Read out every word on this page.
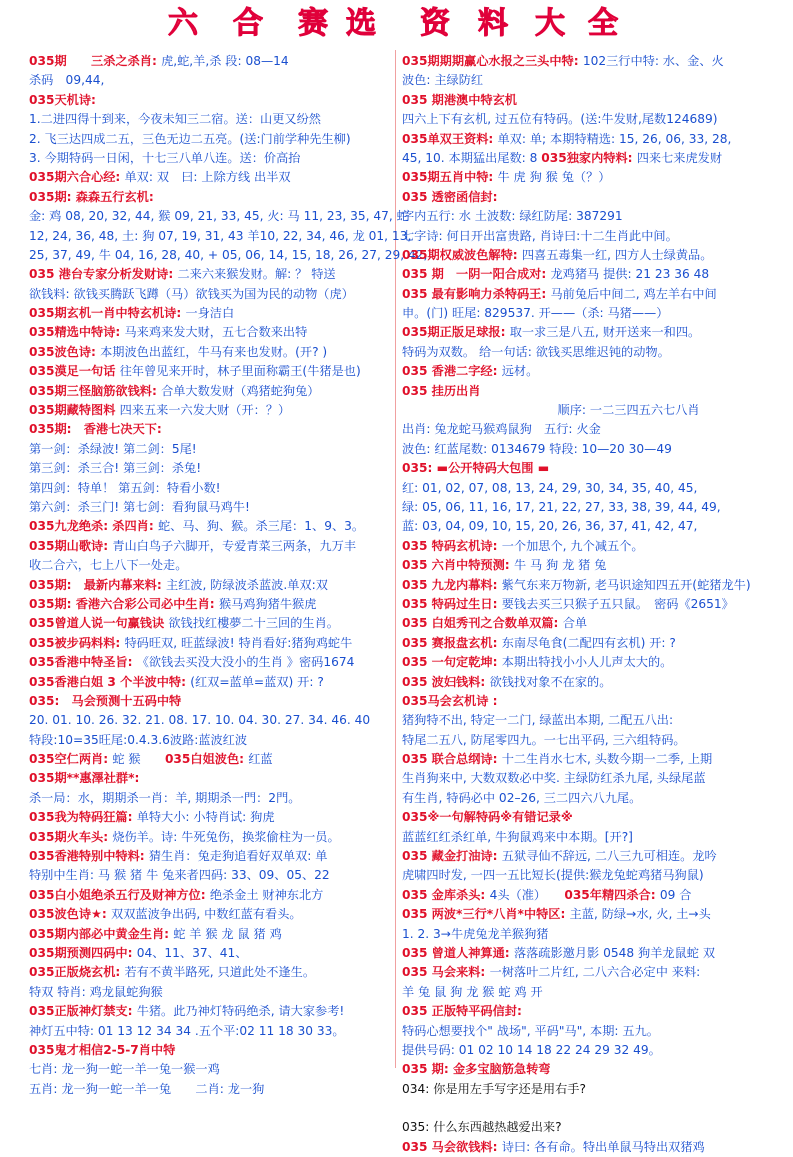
六 合 赛 选 资 料 大 全
035期　　三杀之杀肖: 虎,蛇,羊,杀 段: 08—14
杀码　09,44,
035天机诗:
1.二进四得十到来，今夜未知三二宿。送：山更又纷然
2. 飞三达四成二五，三色无边二五亮。(送:门前学种先生柳)
3. 今期特码一日闲，十七三八单八连。送：价高抬
035期六合心经: 单双: 双　曰: 上除方线 出半双
035期: 森森五行玄机:
金: 鸡 08, 20, 32, 44, 猴 09, 21, 33, 45, 火: 马 11, 23, 35, 47, 蛇
12, 24, 36, 48, 土: 狗 07, 19, 31, 43 羊10, 22, 34, 46, 龙 01, 13,
25, 37, 49, 牛 04, 16, 28, 40, + 05, 06, 14, 15, 18, 26, 27, 29, 42,
035 港台专家分析发财诗: 二来六来猴发财。解: ？ 特送
欲钱料: 欲钱买腾跃飞蹲（马）欲钱买为国为民的动物（虎）
035期玄机一肖中特玄机诗: 一身洁白
035精选中特诗: 马来鸡来发大财，五七合数来出特
035波色诗: 本期波色出蓝红，牛马有来也发财。(开? )
035漠足一句话 往年曾见来开时，林子里面称霸王(牛猪是也)
035期三怪脑筋欲钱料: 合单大数发财（鸡猪蛇狗兔）
035期藏特图料 四来五来一六发大财（开：？）
035期:　香港七决天下:
第一剑：杀绿波! 第二剑：5尾!
第三剑：杀三合! 第三剑：杀兔!
第四剑：特单！ 第五剑：特看小数!
第六剑：杀三门! 第七剑：看狗鼠马鸡牛!
035九龙绝杀: 杀四肖: 蛇、马、狗、猴。杀三尾：1、9、3。
035期山歌诗: 青山白鸟子六脚开，专爱青菜三两条，九万丰
收二合六，七上八下一处走。
035期:　最新内幕来料: 主红波, 防绿波杀蓝波.单双:双
035期: 香港六合彩公司必中生肖: 猴马鸡狗猪牛猴虎
035曾道人说一句赢钱诀 欲钱找红樓夢二十三回的生肖。
035被步码料料: 特码旺双, 旺蓝绿波! 特肖看好:猪狗鸡蛇牛
035香港中特圣旨: 《欲钱去买没大没小的生肖 》密码1674
035香港白姐 3 个半波中特: (红双=蓝单=蓝双) 开: ?
035:　马会预测十五码中特
20. 01. 10. 26. 32. 21. 08. 17. 10. 04. 30. 27. 34. 46. 40
特段:10=35旺尾:0.4.3.6波路:蓝波红波
035空仁两肖: 蛇 猴　　035白姐波色: 红蓝
035期**惠澤社群*:
杀一局：水，期期杀一肖：羊, 期期杀一門：2門。
035我为特码狂篇: 单特大小: 小特肖试: 狗虎
035期火车头: 烧伤羊。诗: 牛死兔伤，换浆偷柱为一员。
035香港特别中特料: 猜生肖：兔走狗追看好双单双: 单
特别中生肖: 马 猴 猪 牛 兔来者四码: 33、09、05、22
035白小姐绝杀五行及财神方位: 绝杀金土 财神东北方
035波色诗★: 双双蓝波争出码, 中数红蓝有看头。
035期内部必中黄金生肖: 蛇 羊 猴 龙 鼠 猪 鸡
035期预测四码中: 04、11、37、41、
035正版烧玄机: 若有不黄半路死, 只道此处不逢生。
特双 特肖: 鸡龙鼠蛇狗猴
035正版神灯禁支: 牛猪。此乃神灯特码绝杀, 请大家参考!
神灯五中特: 01 13 12 34 34 .五个平:02 11 18 30 33。
035鬼才相信2-5-7肖中特
七肖: 龙一狗一蛇一羊一兔一猴一鸡
五肖: 龙一狗一蛇一羊一兔　　二肖: 龙一狗
035期期期赢心水报之三头中特: 102三行中特: 水、金、火
波色: 主绿防红
035 期港澳中特玄机
四六上下有玄机, 过五位有特码。(送:牛发财,尾数124689)
035单双王资料: 单双: 单; 本期特精选: 15, 26, 06, 33, 28,
45, 10. 本期猛出尾数: 8 035独家内特料: 四来七来虎发财
035期五肖中特: 牛 虎 狗 猴 兔（？）
035 透密函信封:
字内五行: 水 土波数: 绿红防尾: 387291
七字诗: 何日开出富贵路, 肖诗曰:十二生肖此中间。
035期权威波色解特: 四喜五毒集一红, 四方人士绿黄品。
035 期　一阴一阳合成对: 龙鸡猪马 提供: 21 23 36 48
035 最有影响力杀特码王: 马前兔后中间二, 鸡左羊右中间
申。(门) 旺尾: 829537. 开——（杀: 马猪——）
035期正版足球报: 取一求三是八五, 财开送来一和四。
特码为双数。 给一句话: 欲钱买思维迟钝的动物。
035 香港二字经: 远材。
035 挂历出肖
　　　　　　顺序: 一二三四五六七八肖
出肖: 兔龙蛇马猴鸡鼠狗　五行: 火金
波色: 红蓝尾数: 0134679 特段: 10—20 30—49
035: ▬公开特码大包围 ▬
红: 01, 02, 07, 08, 13, 24, 29, 30, 34, 35, 40, 45,
绿: 05, 06, 11, 16, 17, 21, 22, 27, 33, 38, 39, 44, 49,
蓝: 03, 04, 09, 10, 15, 20, 26, 36, 37, 41, 42, 47,
035 特码玄机诗: 一个加思个, 九个减五个。
035 六肖中特预测: 牛 马 狗 龙 猪 兔
035 九龙内幕料: 紫气东来万物新, 老马识途知四五开(蛇猪龙牛)
035 特码过生日: 要钱去买三只猴子五只鼠。　密码《2651》
035 白姐秀刊之合数单双篇: 合单
035 赛报盘玄机: 东南尽龟食(二配四有玄机) 开: ?
035 一句定乾坤: 本期出特找小小人儿声太大的。
035 波妇钱料: 欲钱找对象不在家的。
035马会玄机诗 :
猪狗特不出, 特定一二门, 绿蓝出本期, 二配五八出:
特尾二五八, 防尾零四九。一七出平码, 三六组特码。
035 联合总纲诗: 十二生肖水七木, 头数今期一二季, 上期
生肖狗来中, 大数双数必中奖. 主绿防红杀九尾, 头绿尾蓝
有生肖, 特码必中 02–26, 三二四六八九尾。
035※一句解特码※有错记录※
蓝蓝红红杀红单, 牛狗鼠鸡来中本期。[开?]
035 藏金打油诗: 五狱寻仙不辞远, 二八三九可相连。龙吟
虎啸四时发, 一四一五比短长(提供:猴龙兔蛇鸡猪马狗鼠)
035 金库杀头: 4头（准）　　035年精四杀合: 09 合
035 两波*三行*八肖*中特区: 主蓝, 防绿→水, 火, 土→头
1. 2. 3→牛虎兔龙羊猴狗猪
035 曾道人神算通: 落落疏影邀月影 0548 狗羊龙鼠蛇 双
035 马会来料: 一树落叶二片红, 二八六合必定中 来料:
羊 兔 鼠 狗 龙 猴 蛇 鸡 开
035 正版特平码信封:
特码心想要找个" 战场", 平码"马", 本期: 五九。
提供号码: 01 02 10 14 18 22 24 29 32 49。
035 期: 金多宝脑筋急转弯
034: 你是用左手写字还是用右手?
035: 什么东西越热越爱出来?
035 马会欲钱料: 诗曰: 各有命。特出单鼠马特出双猪鸡
